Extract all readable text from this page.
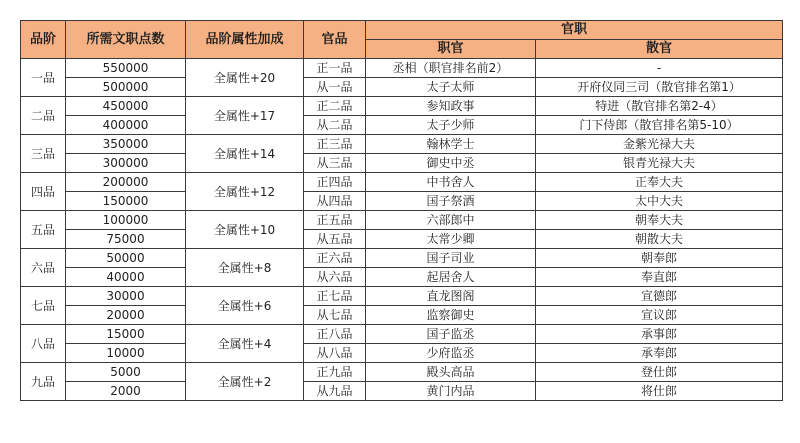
品阶	所需文职点数	品阶属性加成	官品	官职	
				职官	散官
一品	550000	全属性+20	正一品	丞相（职官排名前2）	-
	500000		从一品	太子太师	开府仪同三司（散官排名第1）
二品	450000	全属性+17	正二品	参知政事	特进（散官排名第2-4）
	400000		从二品	太子少师	门下侍郎（散官排名第5-10）
三品	350000	全属性+14	正三品	翰林学士	金紫光禄大夫
	300000		从三品	御史中丞	银青光禄大夫
四品	200000	全属性+12	正四品	中书舍人	正奉大夫
	150000		从四品	国子祭酒	太中大夫
五品	100000	全属性+10	正五品	六部郎中	朝奉大夫
	75000		从五品	太常少卿	朝散大夫
六品	50000	全属性+8	正六品	国子司业	朝奉郎
	40000		从六品	起居舍人	奉直郎
七品	30000	全属性+6	正七品	直龙图阁	宣德郎
	20000		从七品	监察御史	宣议郎
八品	15000	全属性+4	正八品	国子监丞	承事郎
	10000		从八品	少府监丞	承奉郎
九品	5000	全属性+2	正九品	殿头高品	登仕郎
	2000		从九品	黄门内品	将仕郎
